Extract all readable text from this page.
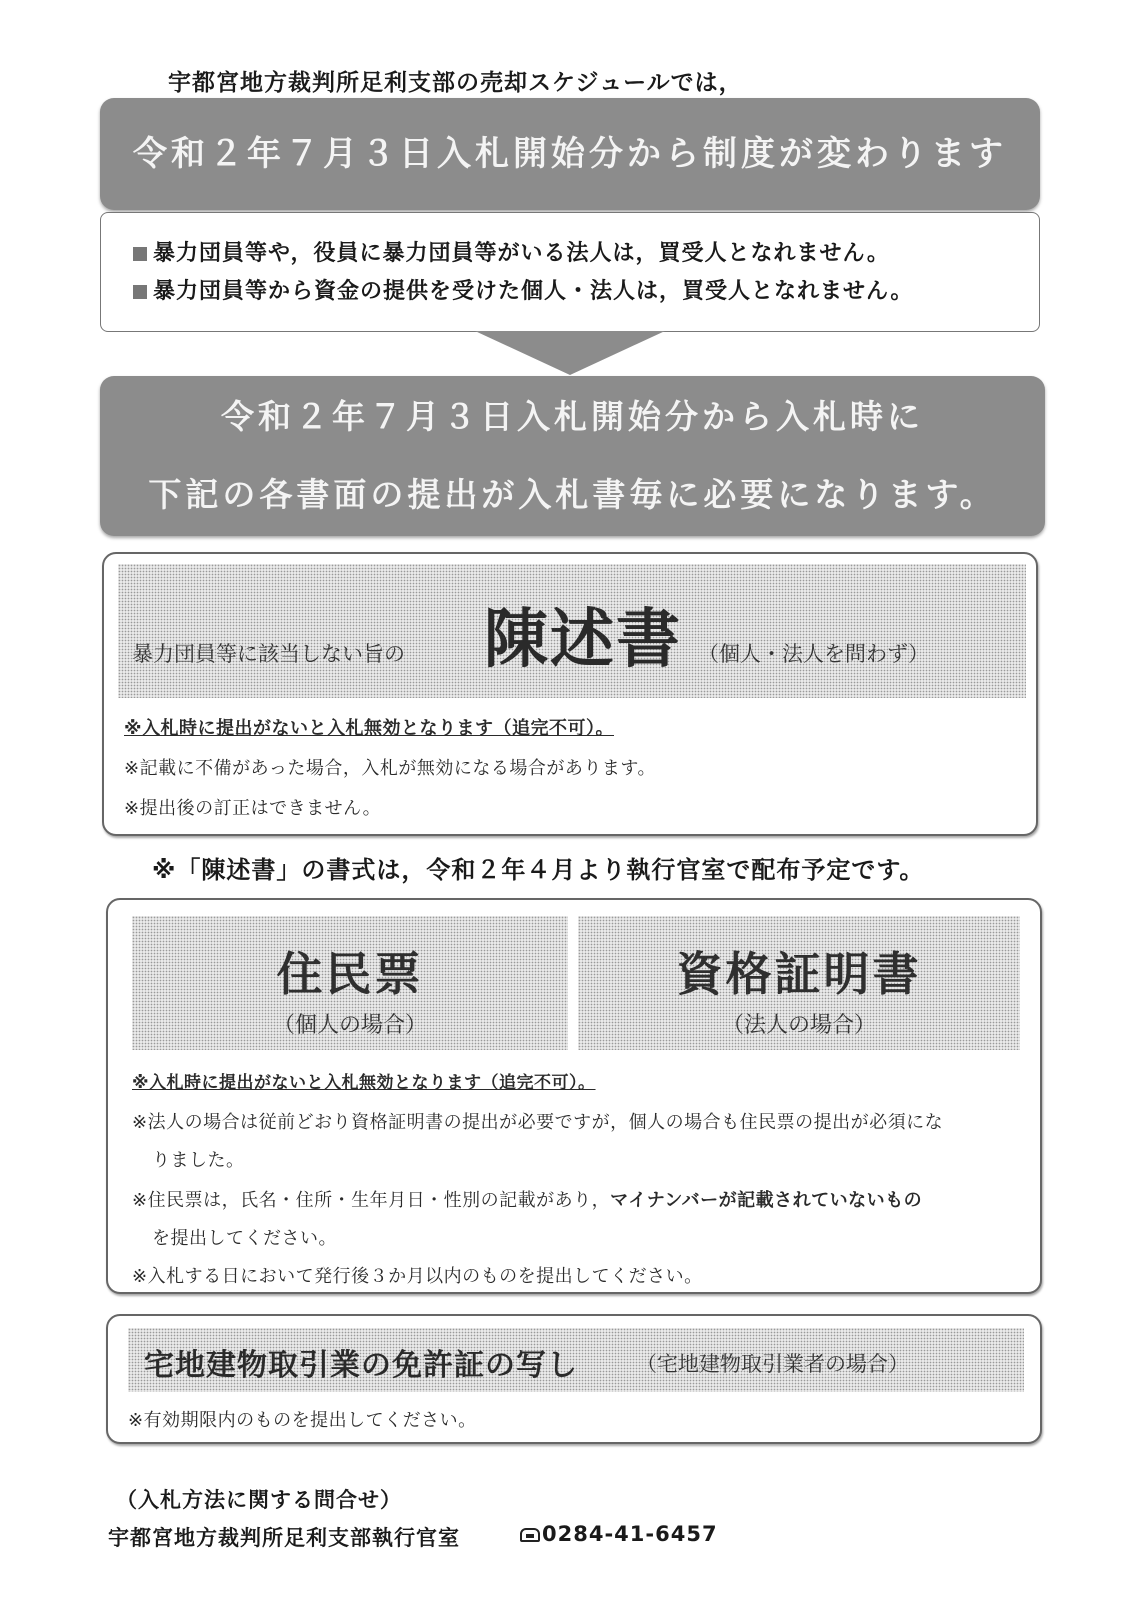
宇都宮地方裁判所足利支部の売却スケジュールでは，
令和２年７月３日入札開始分から制度が変わります
暴力団員等や，役員に暴力団員等がいる法人は，買受人となれません。
暴力団員等から資金の提供を受けた個人・法人は，買受人となれません。
令和２年７月３日入札開始分から入札時に
下記の各書面の提出が入札書毎に必要になります。
暴力団員等に該当しない旨の 陳述書 （個人・法人を問わず）
※入札時に提出がないと入札無効となります（追完不可）。
※記載に不備があった場合，入札が無効になる場合があります。
※提出後の訂正はできません。
※「陳述書」の書式は，令和２年４月より執行官室で配布予定です。
住民票
（個人の場合）
資格証明書
（法人の場合）
※入札時に提出がないと入札無効となります（追完不可）。
※法人の場合は従前どおり資格証明書の提出が必要ですが，個人の場合も住民票の提出が必須にな
りました。
※住民票は，氏名・住所・生年月日・性別の記載があり，マイナンバーが記載されていないもの
を提出してください。
※入札する日において発行後３か月以内のものを提出してください。
宅地建物取引業の免許証の写し	（宅地建物取引業者の場合）
※有効期限内のものを提出してください。
（入札方法に関する問合せ）
宇都宮地方裁判所足利支部執行官室	0284-41-6457
